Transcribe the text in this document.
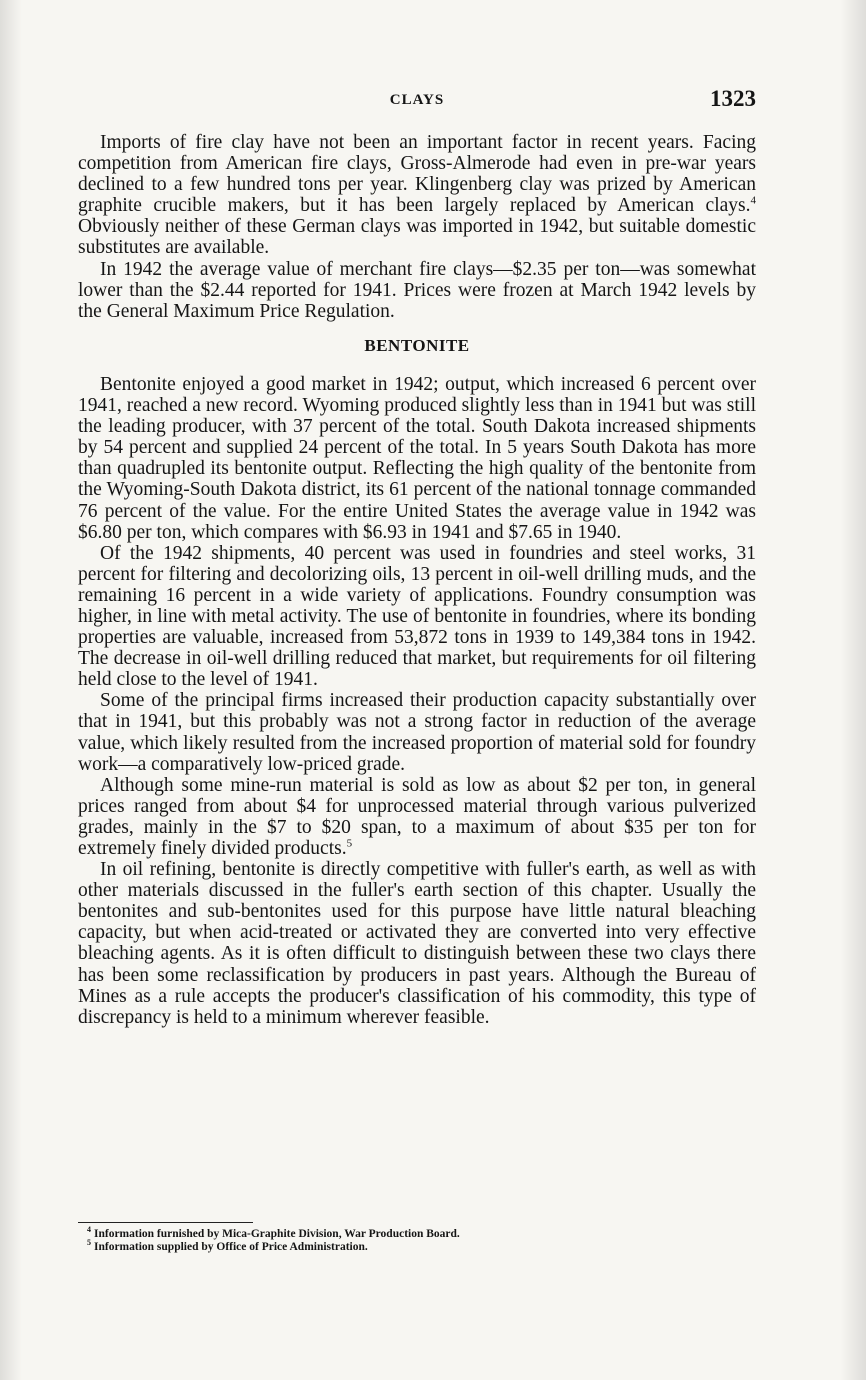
CLAYS	1323

Imports of fire clay have not been an important factor in recent years. Facing competition from American fire clays, Gross-Almerode had even in pre-war years declined to a few hundred tons per year. Klingenberg clay was prized by American graphite crucible makers, but it has been largely replaced by American clays.$^4$ Obviously neither of these German clays was imported in 1942, but suitable domestic substitutes are available.

In 1942 the average value of merchant fire clays—$2.35 per ton—was somewhat lower than the $2.44 reported for 1941. Prices were frozen at March 1942 levels by the General Maximum Price Regulation.

BENTONITE

Bentonite enjoyed a good market in 1942; output, which increased 6 percent over 1941, reached a new record. Wyoming produced slightly less than in 1941 but was still the leading producer, with 37 percent of the total. South Dakota increased shipments by 54 percent and supplied 24 percent of the total. In 5 years South Dakota has more than quadrupled its bentonite output. Reflecting the high quality of the bentonite from the Wyoming-South Dakota district, its 61 percent of the national tonnage commanded 76 percent of the value. For the entire United States the average value in 1942 was $6.80 per ton, which compares with $6.93 in 1941 and $7.65 in 1940.

Of the 1942 shipments, 40 percent was used in foundries and steel works, 31 percent for filtering and decolorizing oils, 13 percent in oil-well drilling muds, and the remaining 16 percent in a wide variety of applications. Foundry consumption was higher, in line with metal activity. The use of bentonite in foundries, where its bonding properties are valuable, increased from 53,872 tons in 1939 to 149,384 tons in 1942. The decrease in oil-well drilling reduced that market, but requirements for oil filtering held close to the level of 1941.

Some of the principal firms increased their production capacity substantially over that in 1941, but this probably was not a strong factor in reduction of the average value, which likely resulted from the increased proportion of material sold for foundry work—a comparatively low-priced grade.

Although some mine-run material is sold as low as about $2 per ton, in general prices ranged from about $4 for unprocessed material through various pulverized grades, mainly in the $7 to $20 span, to a maximum of about $35 per ton for extremely finely divided products.$^5$

In oil refining, bentonite is directly competitive with fuller's earth, as well as with other materials discussed in the fuller's earth section of this chapter. Usually the bentonites and sub-bentonites used for this purpose have little natural bleaching capacity, but when acid-treated or activated they are converted into very effective bleaching agents. As it is often difficult to distinguish between these two clays there has been some reclassification by producers in past years. Although the Bureau of Mines as a rule accepts the producer's classification of his commodity, this type of discrepancy is held to a minimum wherever feasible.

$^4$ Information furnished by Mica-Graphite Division, War Production Board.
$^5$ Information supplied by Office of Price Administration.
